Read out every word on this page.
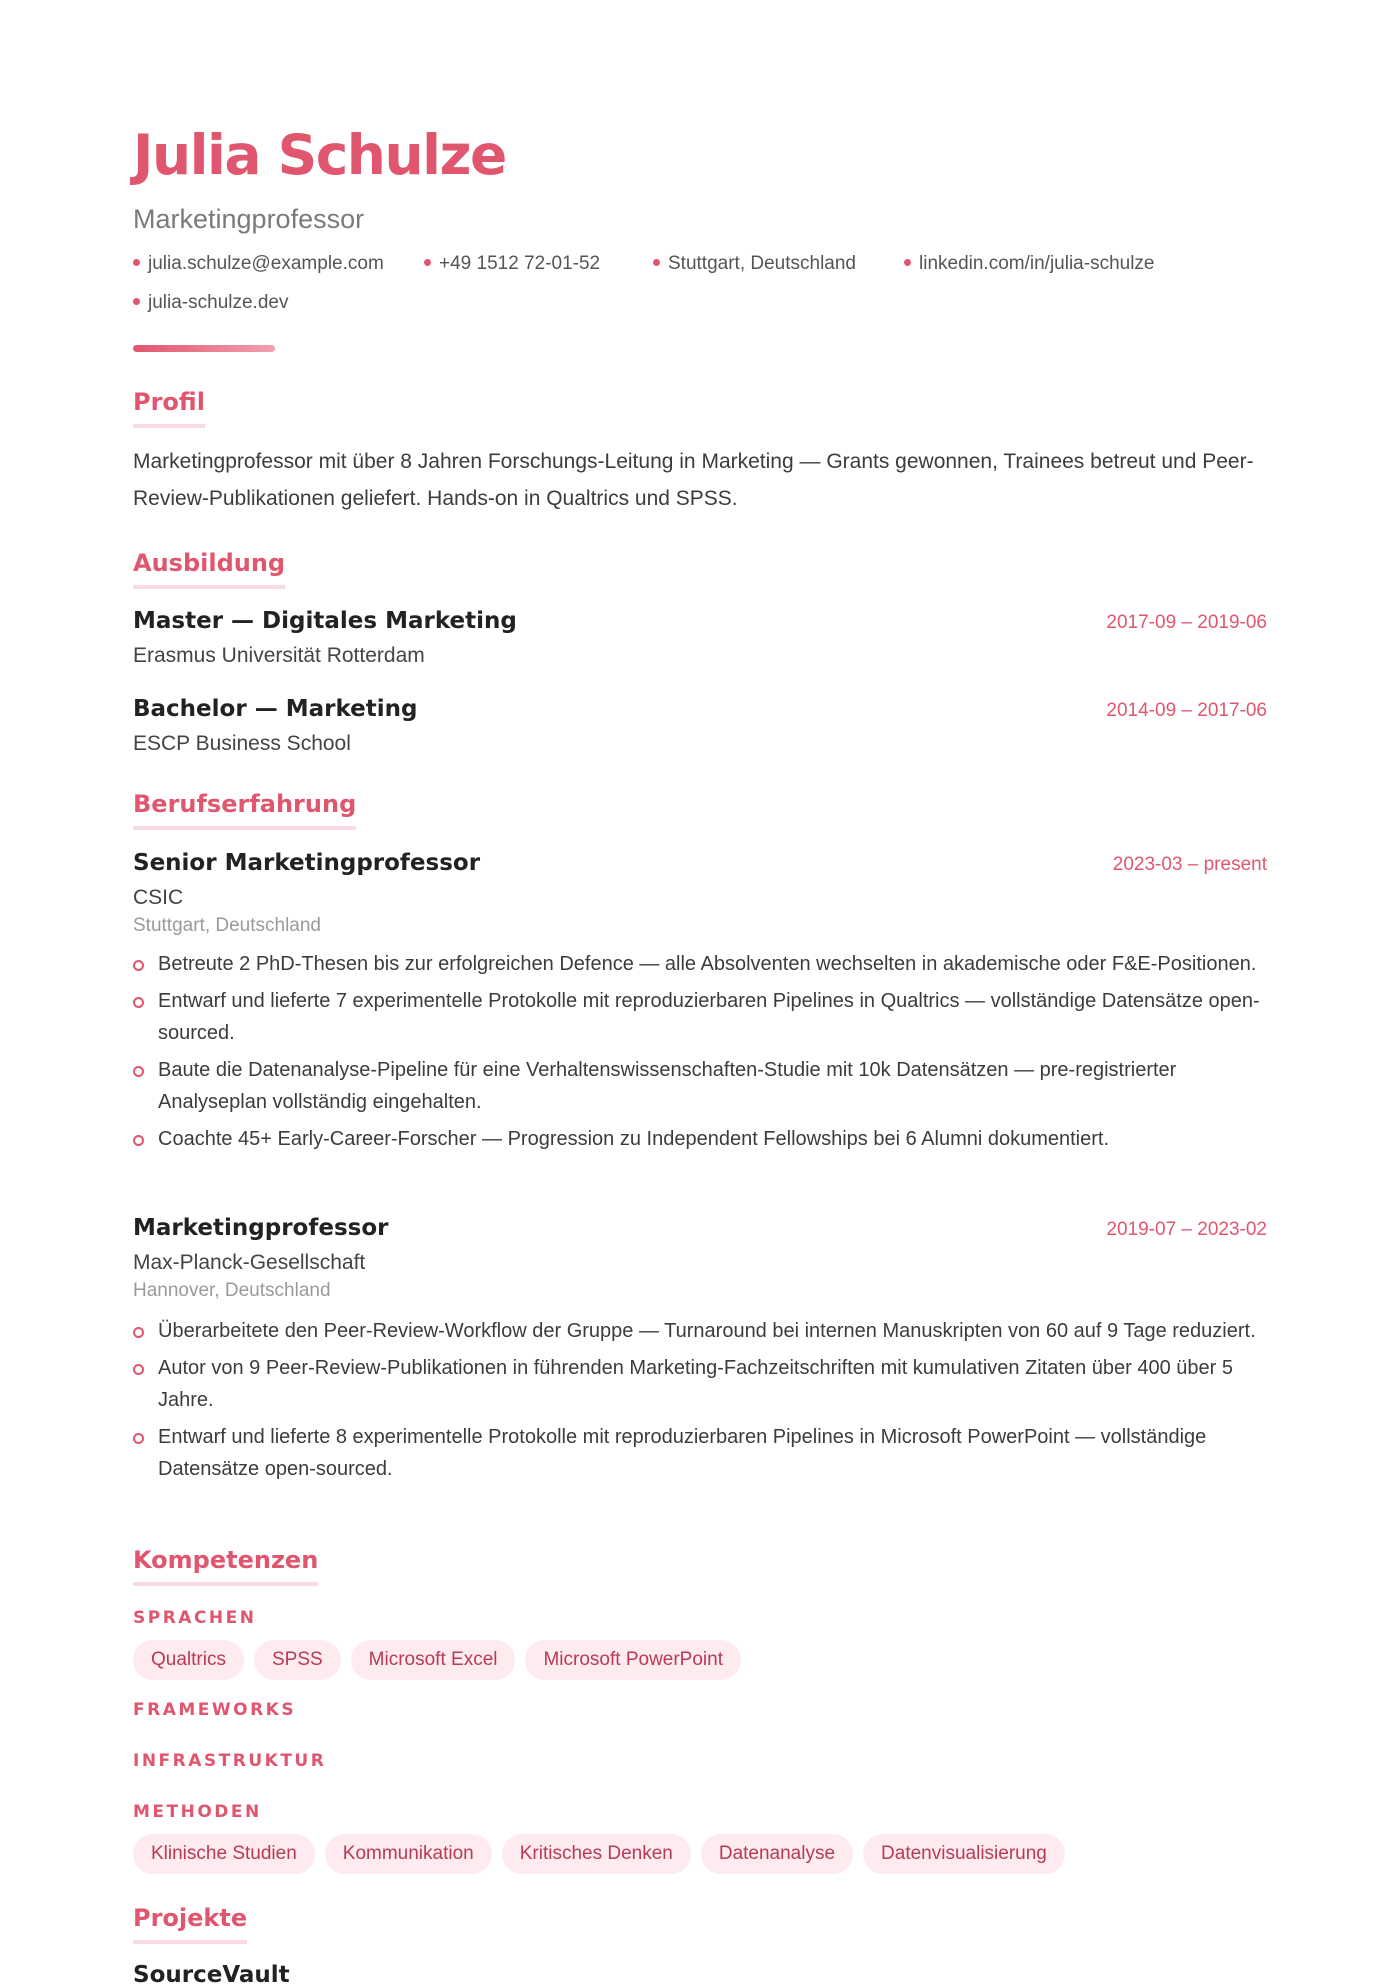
Julia Schulze
Marketingprofessor
julia.schulze@example.com	+49 1512 72-01-52	Stuttgart, Deutschland	linkedin.com/in/julia-schulze
julia-schulze.dev
Profil

Marketingprofessor mit über 8 Jahren Forschungs-Leitung in Marketing — Grants gewonnen, Trainees betreut und Peer-Review-Publikationen geliefert. Hands-on in Qualtrics und SPSS.

Ausbildung
Master — Digitales Marketing	2017-09 – 2019-06
Erasmus Universität Rotterdam
Bachelor — Marketing	2014-09 – 2017-06
ESCP Business School
Berufserfahrung
Senior Marketingprofessor	2023-03 – present
CSIC
Stuttgart, Deutschland
Betreute 2 PhD-Thesen bis zur erfolgreichen Defence — alle Absolventen wechselten in akademische oder F&E-Positionen.
Entwarf und lieferte 7 experimentelle Protokolle mit reproduzierbaren Pipelines in Qualtrics — vollständige Datensätze open-sourced.
Baute die Datenanalyse-Pipeline für eine Verhaltenswissenschaften-Studie mit 10k Datensätzen — pre-registrierter Analyseplan vollständig eingehalten.
Coachte 45+ Early-Career-Forscher — Progression zu Independent Fellowships bei 6 Alumni dokumentiert.
Marketingprofessor	2019-07 – 2023-02
Max-Planck-Gesellschaft
Hannover, Deutschland
Überarbeitete den Peer-Review-Workflow der Gruppe — Turnaround bei internen Manuskripten von 60 auf 9 Tage reduziert.
Autor von 9 Peer-Review-Publikationen in führenden Marketing-Fachzeitschriften mit kumulativen Zitaten über 400 über 5 Jahre.
Entwarf und lieferte 8 experimentelle Protokolle mit reproduzierbaren Pipelines in Microsoft PowerPoint — vollständige Datensätze open-sourced.
Kompetenzen
SPRACHEN
Qualtrics	SPSS	Microsoft Excel	Microsoft PowerPoint
FRAMEWORKS
INFRASTRUKTUR
METHODEN
Klinische Studien	Kommunikation	Kritisches Denken	Datenanalyse	Datenvisualisierung
Projekte
SourceVault
